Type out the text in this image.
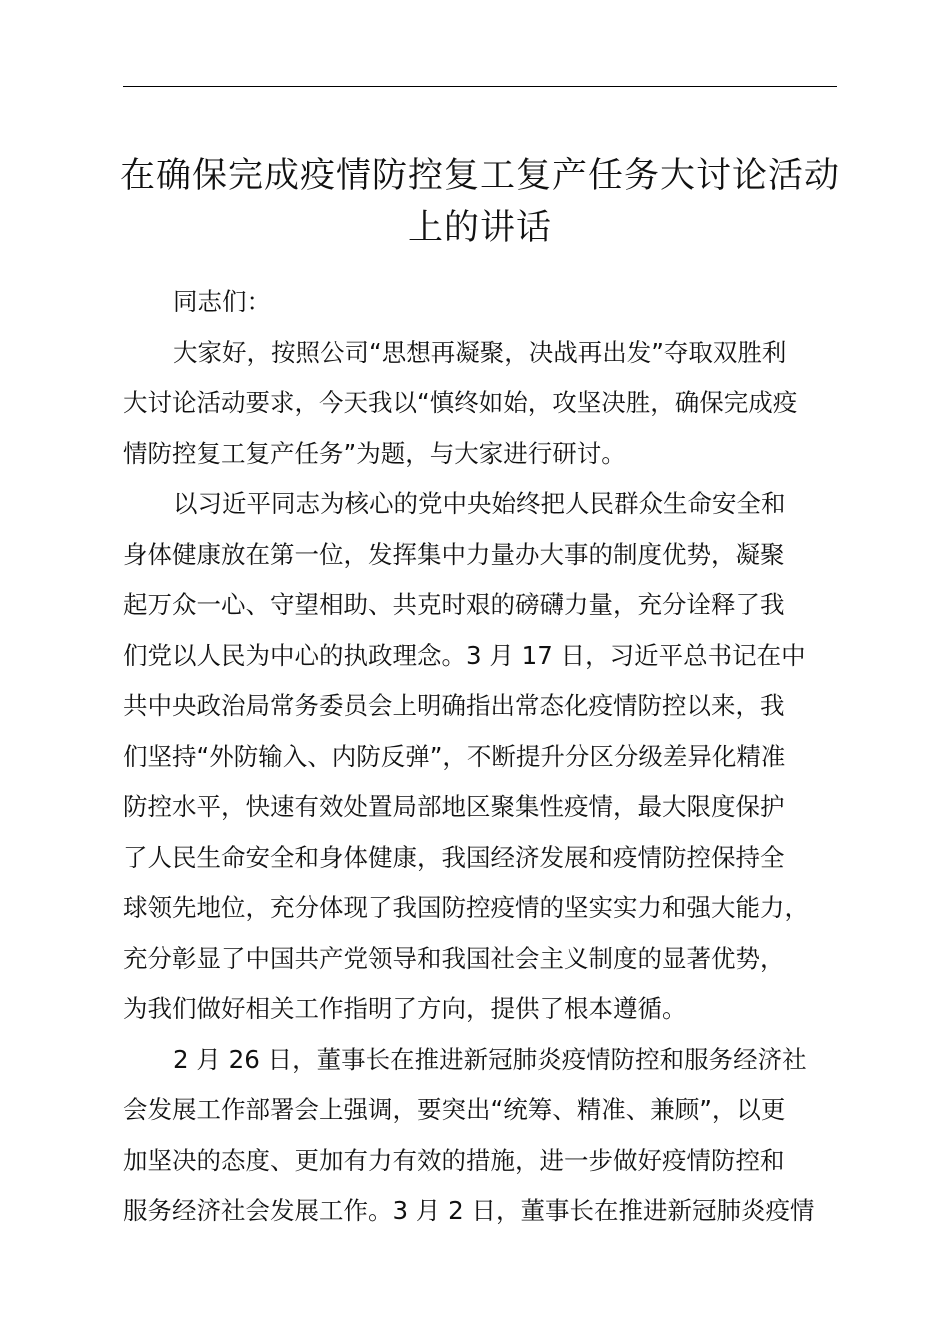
在确保完成疫情防控复工复产任务大讨论活动
上的讲话
同志们：
大家好，按照公司“思想再凝聚，决战再出发”夺取双胜利
大讨论活动要求，今天我以“慎终如始，攻坚决胜，确保完成疫
情防控复工复产任务”为题，与大家进行研讨。
以习近平同志为核心的党中央始终把人民群众生命安全和
身体健康放在第一位，发挥集中力量办大事的制度优势，凝聚
起万众一心、守望相助、共克时艰的磅礴力量，充分诠释了我
们党以人民为中心的执政理念。3 月 17 日，习近平总书记在中
共中央政治局常务委员会上明确指出常态化疫情防控以来，我
们坚持“外防输入、内防反弹”，不断提升分区分级差异化精准
防控水平，快速有效处置局部地区聚集性疫情，最大限度保护
了人民生命安全和身体健康，我国经济发展和疫情防控保持全
球领先地位，充分体现了我国防控疫情的坚实实力和强大能力，
充分彰显了中国共产党领导和我国社会主义制度的显著优势，
为我们做好相关工作指明了方向，提供了根本遵循。
2 月 26 日，董事长在推进新冠肺炎疫情防控和服务经济社
会发展工作部署会上强调，要突出“统筹、精准、兼顾”，以更
加坚决的态度、更加有力有效的措施，进一步做好疫情防控和
服务经济社会发展工作。3 月 2 日，董事长在推进新冠肺炎疫情
